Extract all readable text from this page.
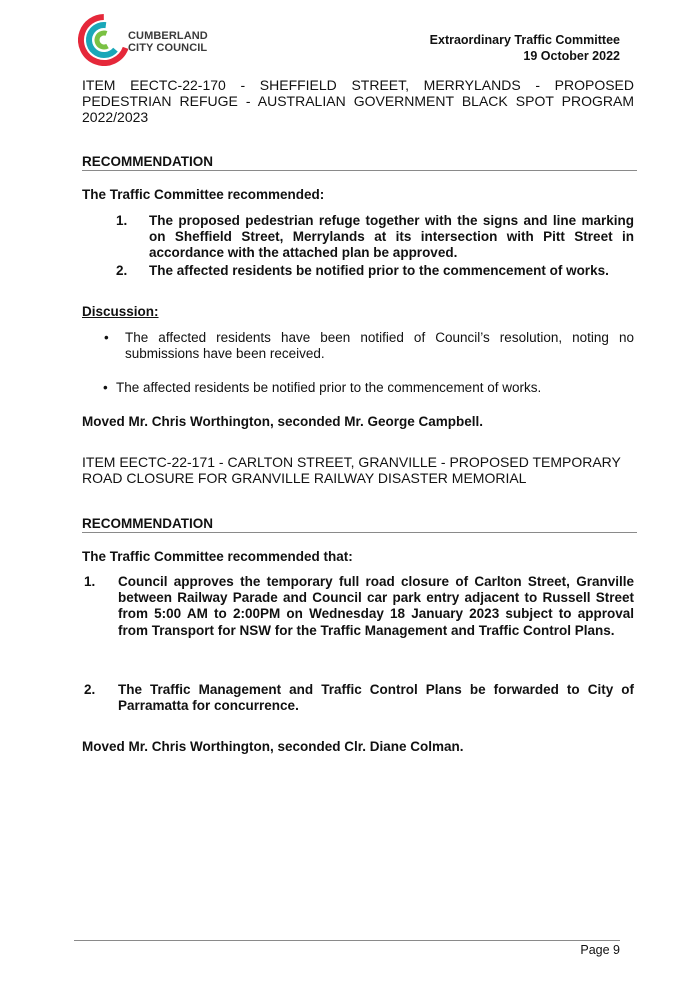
CUMBERLAND
CITY COUNCIL
Extraordinary Traffic Committee
19 October 2022
ITEM EECTC-22-170 - SHEFFIELD STREET, MERRYLANDS - PROPOSED
PEDESTRIAN REFUGE - AUSTRALIAN GOVERNMENT BLACK SPOT PROGRAM
2022/2023
RECOMMENDATION
The Traffic Committee recommended:
1. The proposed pedestrian refuge together with the signs and line marking on Sheffield Street, Merrylands at its intersection with Pitt Street in accordance with the attached plan be approved.
2. The affected residents be notified prior to the commencement of works.
Discussion:
• The affected residents have been notified of Council’s resolution, noting no submissions have been received.
• The affected residents be notified prior to the commencement of works.
Moved Mr. Chris Worthington, seconded Mr. George Campbell.
ITEM EECTC-22-171 - CARLTON STREET, GRANVILLE - PROPOSED TEMPORARY
ROAD CLOSURE FOR GRANVILLE RAILWAY DISASTER MEMORIAL
RECOMMENDATION
The Traffic Committee recommended that:
1. Council approves the temporary full road closure of Carlton Street, Granville between Railway Parade and Council car park entry adjacent to Russell Street from 5:00 AM to 2:00PM on Wednesday 18 January 2023 subject to approval from Transport for NSW for the Traffic Management and Traffic Control Plans.
2. The Traffic Management and Traffic Control Plans be forwarded to City of Parramatta for concurrence.
Moved Mr. Chris Worthington, seconded Clr. Diane Colman.
Page 9
